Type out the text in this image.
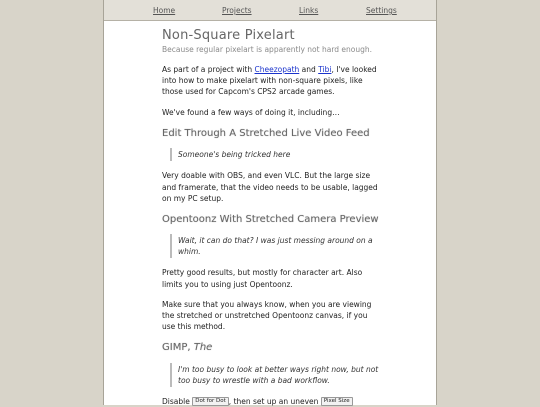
Home	Projects	Links	Settings
Non-Square Pixelart
Because regular pixelart is apparently not hard enough.

As part of a project with Cheezopath and Tibi, I've looked into how to make pixelart with non-square pixels, like those used for Capcom's CPS2 arcade games.

We've found a few ways of doing it, including…

Edit Through A Stretched Live Video Feed
Someone's being tricked here

Very doable with OBS, and even VLC. But the large size and framerate, that the video needs to be usable, lagged on my PC setup.

Opentoonz With Stretched Camera Preview
Wait, it can do that? I was just messing around on a whim.

Pretty good results, but mostly for character art. Also limits you to using just Opentoonz.

Make sure that you always know, when you are viewing the stretched or unstretched Opentoonz canvas, if you use this method.

GIMP, The
I'm too busy to look at better ways right now, but not too busy to wrestle with a bad workflow.

Disable Dot for Dot , then set up an uneven Pixel Size
